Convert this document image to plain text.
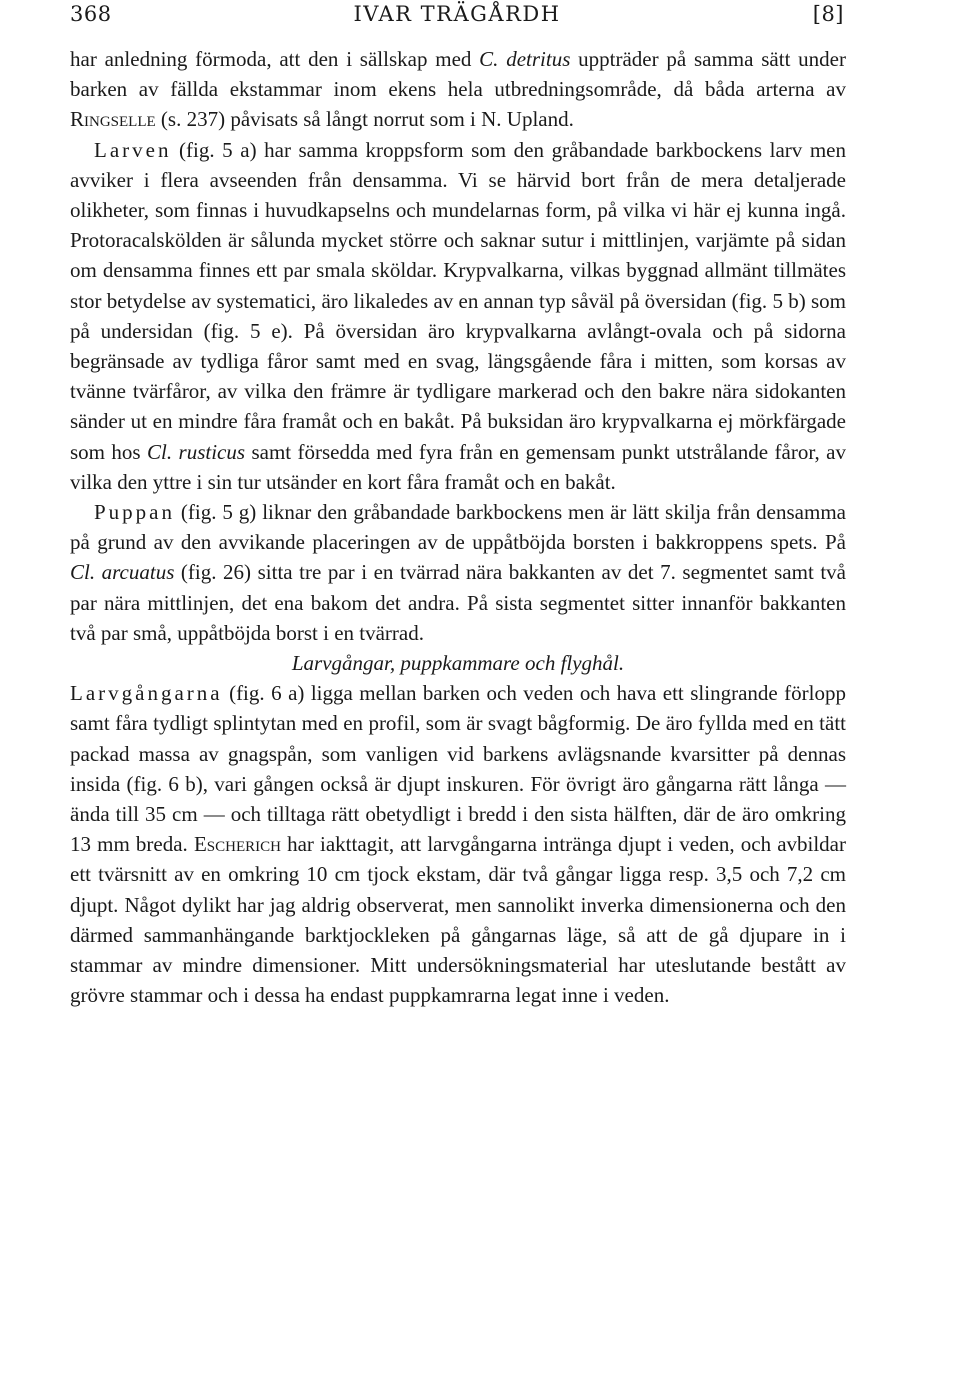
368	IVAR TRÄGÅRDH	[8]

har anledning förmoda, att den i sällskap med C. detritus uppträder på samma sätt under barken av fällda ekstammar inom ekens hela utbredningsområde, då båda arterna av Ringselle (s. 237) påvisats så långt norrut som i N. Upland.

Larven (fig. 5 a) har samma kroppsform som den gråbandade barkbockens larv men avviker i flera avseenden från densamma. Vi se härvid bort från de mera detaljerade olikheter, som finnas i huvudkapselns och mundelarnas form, på vilka vi här ej kunna ingå. Protoracalskölden är sålunda mycket större och saknar sutur i mittlinjen, varjämte på sidan om densamma finnes ett par smala sköldar. Krypvalkarna, vilkas byggnad allmänt tillmätes stor betydelse av systematici, äro likaledes av en annan typ såväl på översidan (fig. 5 b) som på undersidan (fig. 5 e). På översidan äro krypvalkarna avlångt-ovala och på sidorna begränsade av tydliga fåror samt med en svag, längsgående fåra i mitten, som korsas av tvänne tvärfåror, av vilka den främre är tydligare markerad och den bakre nära sidokanten sänder ut en mindre fåra framåt och en bakåt. På buksidan äro krypvalkarna ej mörkfärgade som hos Cl. rusticus samt försedda med fyra från en gemensam punkt utstrålande fåror, av vilka den yttre i sin tur utsänder en kort fåra framåt och en bakåt.

Puppan (fig. 5 g) liknar den gråbandade barkbockens men är lätt skilja från densamma på grund av den avvikande placeringen av de uppåtböjda borsten i bakkroppens spets. På Cl. arcuatus (fig. 26) sitta tre par i en tvärrad nära bakkanten av det 7. segmentet samt två par nära mittlinjen, det ena bakom det andra. På sista segmentet sitter innanför bakkanten två par små, uppåtböjda borst i en tvärrad.

Larvgångar, puppkammare och flyghål.

Larvgångarna (fig. 6 a) ligga mellan barken och veden och hava ett slingrande förlopp samt fåra tydligt splintytan med en profil, som är svagt bågformig. De äro fyllda med en tätt packad massa av gnagspån, som vanligen vid barkens avlägsnande kvarsitter på dennas insida (fig. 6 b), vari gången också är djupt inskuren. För övrigt äro gångarna rätt långa — ända till 35 cm — och tilltaga rätt obetydligt i bredd i den sista hälften, där de äro omkring 13 mm breda. Escherich har iakttagit, att larvgångarna inträngа djupt i veden, och avbildar ett tvärsnitt av en omkring 10 cm tjock ekstam, där två gångar ligga resp. 3,5 och 7,2 cm djupt. Något dylikt har jag aldrig observerat, men sannolikt inverka dimensionerna och den därmed sammanhängande barktjockleken på gångarnas läge, så att de gå djupare in i stammar av mindre dimensioner. Mitt undersökningsmaterial har uteslutande bestått av grövre stammar och i dessa ha endast puppkamrarna legat inne i veden.
